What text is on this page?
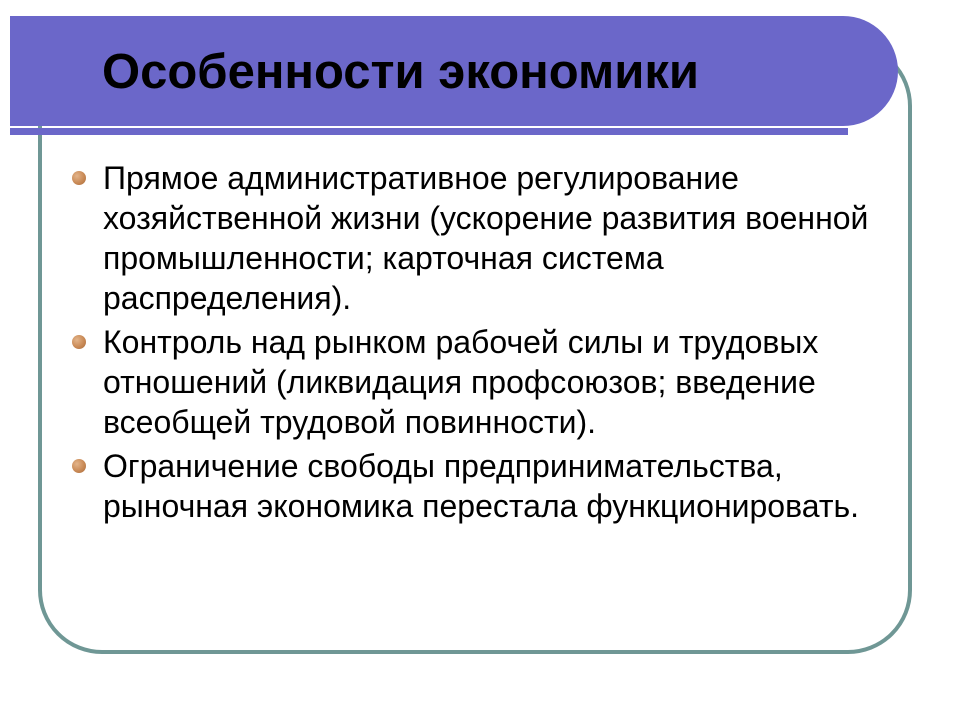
Особенности экономики
Прямое административное регулирование хозяйственной жизни (ускорение развития военной промышленности; карточная система распределения).
Контроль над рынком рабочей силы и трудовых отношений (ликвидация профсоюзов; введение всеобщей трудовой повинности).
Ограничение свободы предпринимательства, рыночная экономика перестала функционировать.
